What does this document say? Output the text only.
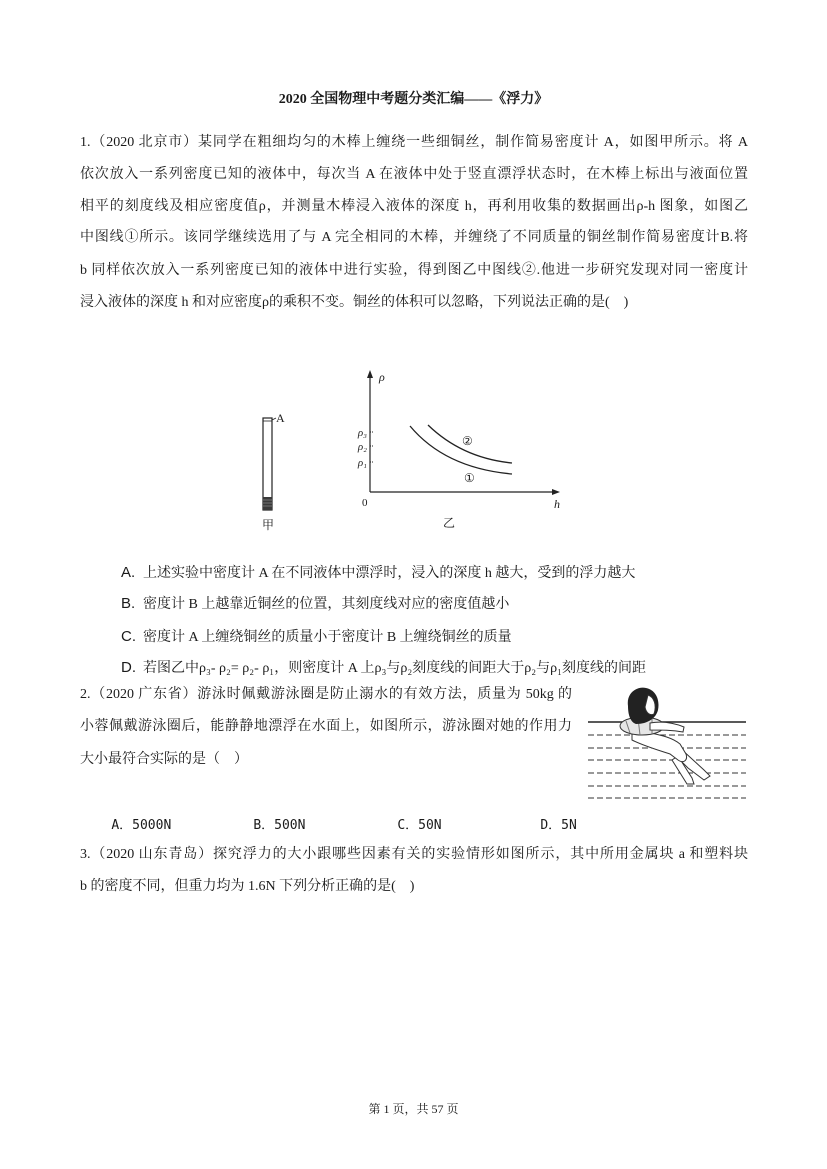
2020 全国物理中考题分类汇编——《浮力》
1.（2020 北京市）某同学在粗细均匀的木棒上缠绕一些细铜丝，制作简易密度计 A，如图甲所示。将 A
依次放入一系列密度已知的液体中，每次当 A 在液体中处于竖直漂浮状态时，在木棒上标出与液面位置
相平的刻度线及相应密度值ρ，并测量木棒浸入液体的深度 h，再利用收集的数据画出ρ-h 图象，如图乙
中图线①所示。该同学继续选用了与 A 完全相同的木棒，并缠绕了不同质量的铜丝制作简易密度计B.将
b 同样依次放入一系列密度已知的液体中进行实验，得到图乙中图线②.他进一步研究发现对同一密度计
浸入液体的深度 h 和对应密度ρ的乘积不变。铜丝的体积可以忽略，下列说法正确的是(    )
A
甲
ρ
h
0
ρ₃
ρ₂
ρ₁
①
②
乙

A. 上述实验中密度计 A 在不同液体中漂浮时，浸入的深度 h 越大，受到的浮力越大

B. 密度计 B 上越靠近铜丝的位置，其刻度线对应的密度值越小

C. 密度计 A 上缠绕铜丝的质量小于密度计 B 上缠绕铜丝的质量

D. 若图乙中ρ₃- ρ₂= ρ₂- ρ₁，则密度计 A 上ρ₃与ρ₂刻度线的间距大于ρ₂与ρ₁刻度线的间距

2.（2020 广东省）游泳时佩戴游泳圈是防止溺水的有效方法，质量为 50kg 的
小蓉佩戴游泳圈后，能静静地漂浮在水面上，如图所示，游泳圈对她的作用力
大小最符合实际的是（    ）

A．5000N
	B．500N
	C．50N
	D．5N

3.（2020 山东青岛）探究浮力的大小跟哪些因素有关的实验情形如图所示，其中所用金属块 a 和塑料块
b 的密度不同，但重力均为 1.6N 下列分析正确的是(    )
第 1 页，共 57 页
